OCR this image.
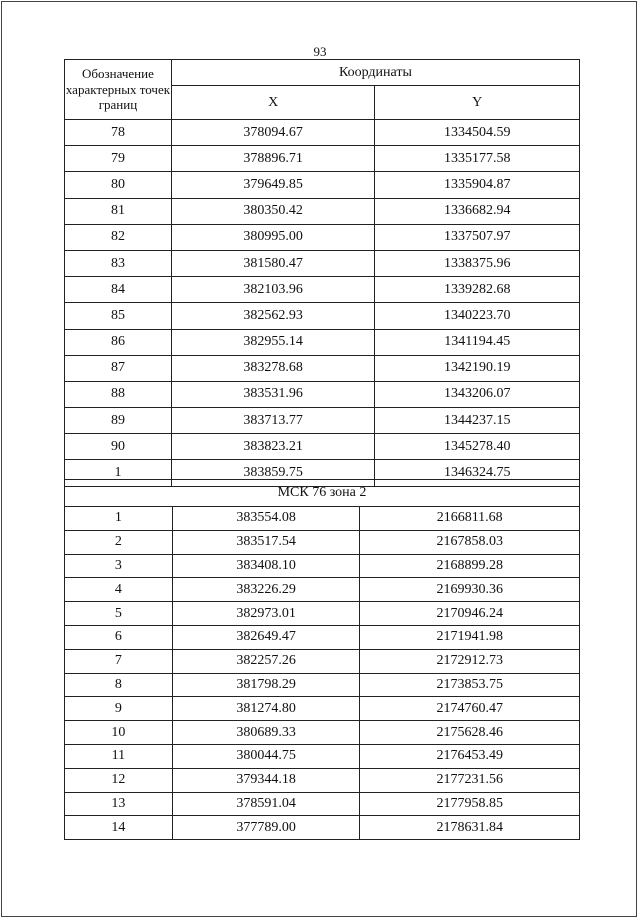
93
Обозначение характерных точек границ	Координаты	
	X	Y
78	378094.67	1334504.59
79	378896.71	1335177.58
80	379649.85	1335904.87
81	380350.42	1336682.94
82	380995.00	1337507.97
83	381580.47	1338375.96
84	382103.96	1339282.68
85	382562.93	1340223.70
86	382955.14	1341194.45
87	383278.68	1342190.19
88	383531.96	1343206.07
89	383713.77	1344237.15
90	383823.21	1345278.40
1	383859.75	1346324.75
МСК 76 зона 2		
1	383554.08	2166811.68
2	383517.54	2167858.03
3	383408.10	2168899.28
4	383226.29	2169930.36
5	382973.01	2170946.24
6	382649.47	2171941.98
7	382257.26	2172912.73
8	381798.29	2173853.75
9	381274.80	2174760.47
10	380689.33	2175628.46
11	380044.75	2176453.49
12	379344.18	2177231.56
13	378591.04	2177958.85
14	377789.00	2178631.84
